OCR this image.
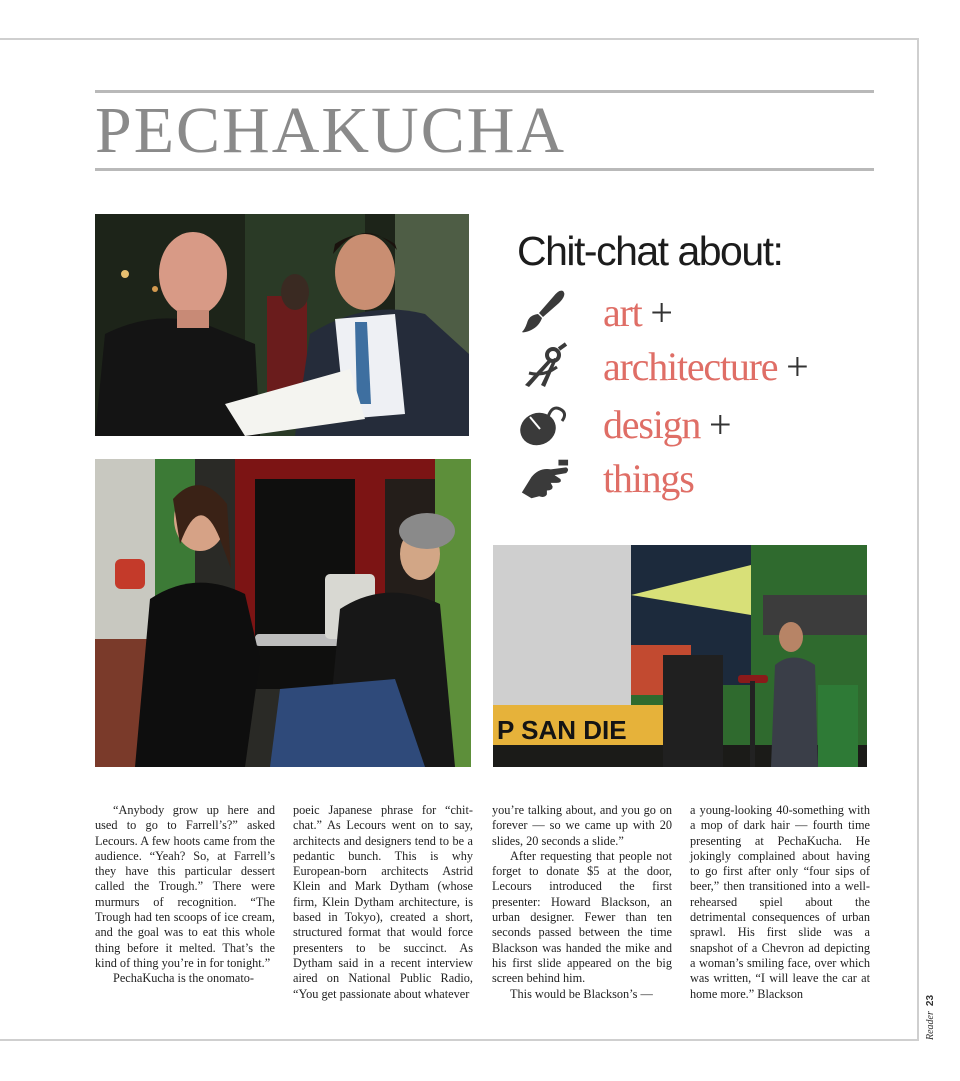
PECHAKUCHA
P SAN DIE
Chit-chat about:
art +
architecture +
design +
things

“Anybody grow up here and used to go to Farrell’s?” asked Lecours. A few hoots came from the audience. “Yeah? So, at Farrell’s they have this particular dessert called the Trough.” There were murmurs of recognition. “The Trough had ten scoops of ice cream, and the goal was to eat this whole thing before it melted. That’s the kind of thing you’re in for tonight.”

PechaKucha is the onomato-

poeic Japanese phrase for “chit-chat.” As Lecours went on to say, architects and designers tend to be a pedantic bunch. This is why European-born architects Astrid Klein and Mark Dytham (whose firm, Klein Dytham architecture, is based in Tokyo), created a short, structured format that would force presenters to be succinct. As Dytham said in a recent interview aired on National Public Radio, “You get passionate about whatever

you’re talking about, and you go on forever — so we came up with 20 slides, 20 seconds a slide.”

After requesting that people not forget to donate $5 at the door, Lecours introduced the first presenter: Howard Blackson, an urban designer. Fewer than ten seconds passed between the time Blackson was handed the mike and his first slide appeared on the big screen behind him.

This would be Blackson’s —

a young-looking 40-something with a mop of dark hair — fourth time presenting at PechaKucha. He jokingly complained about having to go first after only “four sips of beer,” then transitioned into a well-rehearsed spiel about the detrimental consequences of urban sprawl. His first slide was a snapshot of a Chevron ad depicting a woman’s smiling face, over which was written, “I will leave the car at home more.” Blackson

Reader
23
